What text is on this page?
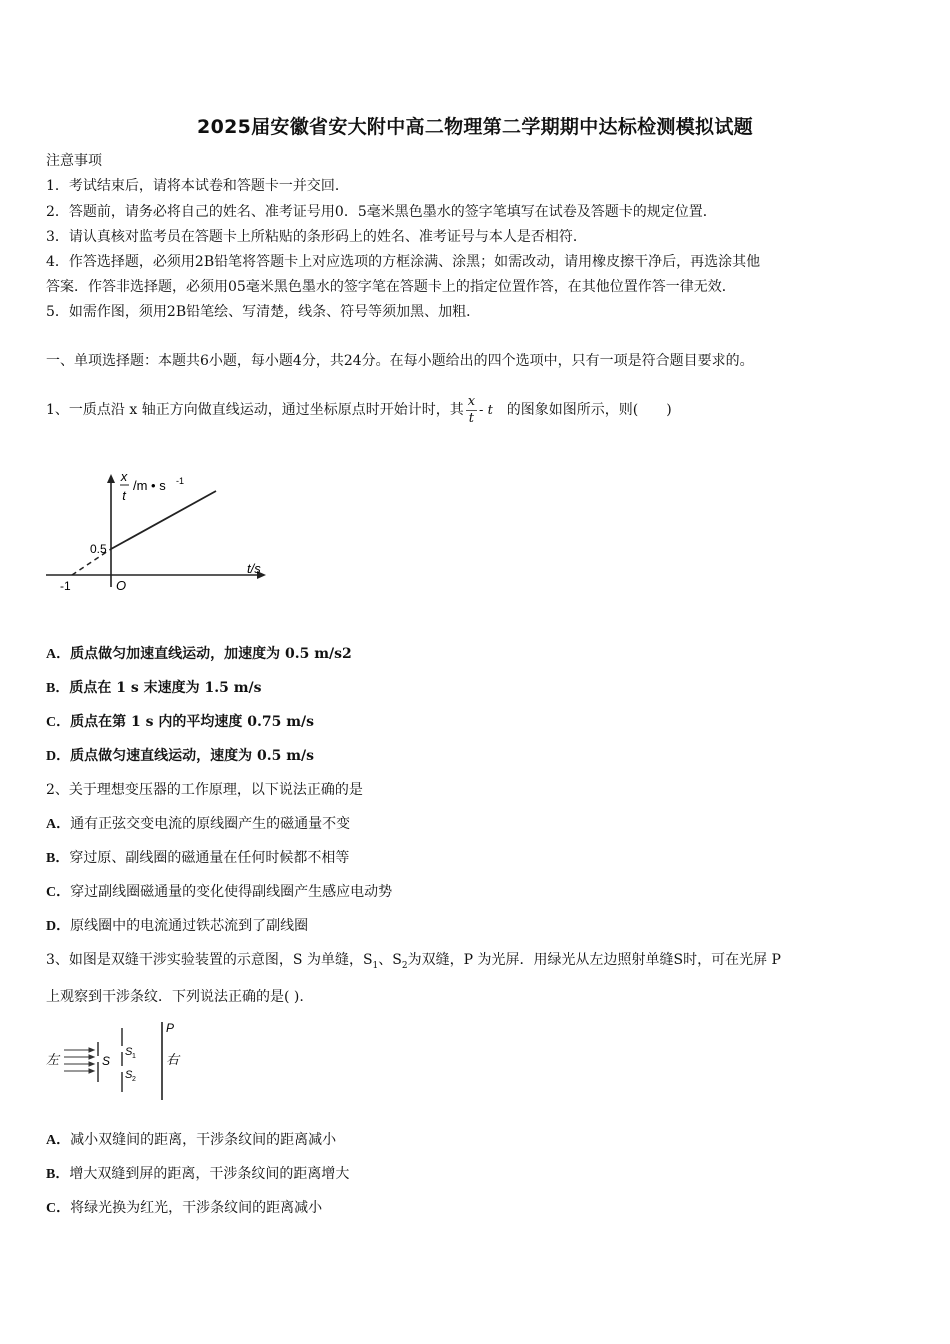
2025届安徽省安大附中高二物理第二学期期中达标检测模拟试题
注意事项
1．考试结束后，请将本试卷和答题卡一并交回．
2．答题前，请务必将自己的姓名、准考证号用0．5毫米黑色墨水的签字笔填写在试卷及答题卡的规定位置．
3．请认真核对监考员在答题卡上所粘贴的条形码上的姓名、准考证号与本人是否相符．
4．作答选择题，必须用2B铅笔将答题卡上对应选项的方框涂满、涂黑；如需改动，请用橡皮擦干净后，再选涂其他
答案．作答非选择题，必须用05毫米黑色墨水的签字笔在答题卡上的指定位置作答，在其他位置作答一律无效．
5．如需作图，须用2B铅笔绘、写清楚，线条、符号等须加黑、加粗．
一、单项选择题：本题共6小题，每小题4分，共24分。在每小题给出的四个选项中，只有一项是符合题目要求的。
1、一质点沿 x 轴正方向做直线运动，通过坐标原点时开始计时，其 $\frac{x}{t}$ - t 的图象如图所示，则(　　)
x
t
/m • s -1
0.5
t/s
O
-1
A．质点做匀加速直线运动，加速度为 0.5 m/s2
B．质点在 1 s 末速度为 1.5 m/s
C．质点在第 1 s 内的平均速度 0.75 m/s
D．质点做匀速直线运动，速度为 0.5 m/s
2、关于理想变压器的工作原理，以下说法正确的是
A．通有正弦交变电流的原线圈产生的磁通量不变
B．穿过原、副线圈的磁通量在任何时候都不相等
C．穿过副线圈磁通量的变化使得副线圈产生感应电动势
D．原线圈中的电流通过铁芯流到了副线圈
3、如图是双缝干涉实验装置的示意图，S 为单缝，$S_1$、$S_2$为双缝，P 为光屏．用绿光从左边照射单缝S时，可在光屏 P
上观察到干涉条纹．下列说法正确的是( ).
左	S
S 1
S 2
P
右
A．减小双缝间的距离，干涉条纹间的距离减小
B．增大双缝到屏的距离，干涉条纹间的距离增大
C．将绿光换为红光，干涉条纹间的距离减小
